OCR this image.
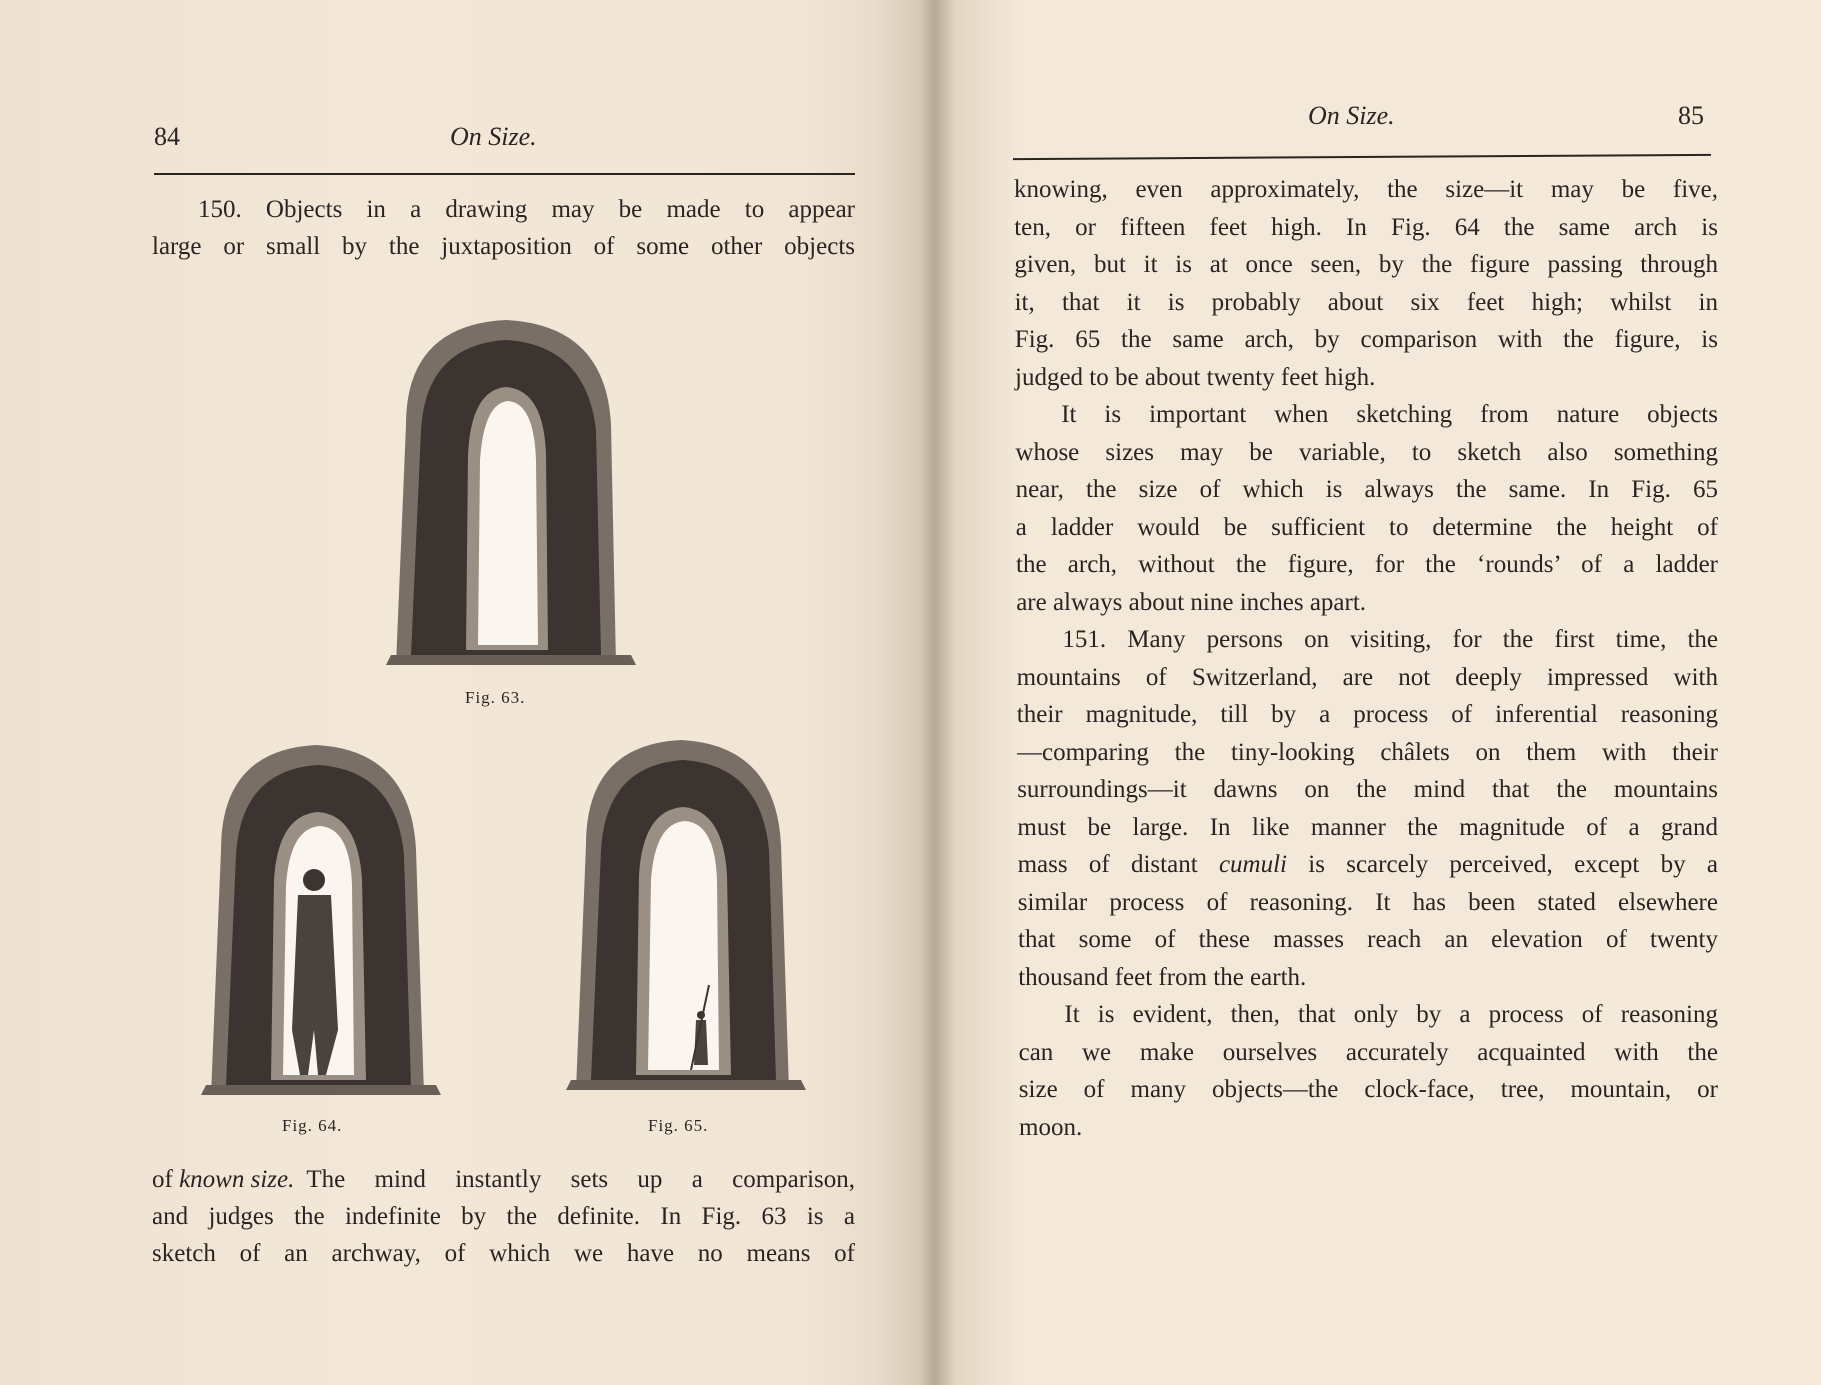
84	On Size.
150. Objects in a drawing may be made to appear
large or small by the juxtaposition of some other objects
Fig. 63.
Fig. 64.	Fig. 65.
of known size. The mind instantly sets up a comparison,
and judges the indefinite by the definite. In Fig. 63 is a
sketch of an archway, of which we have no means of
On Size.	85
knowing, even approximately, the size—it may be five,
ten, or fifteen feet high. In Fig. 64 the same arch is
given, but it is at once seen, by the figure passing through
it, that it is probably about six feet high; whilst in
Fig. 65 the same arch, by comparison with the figure, is
judged to be about twenty feet high.
It is important when sketching from nature objects
whose sizes may be variable, to sketch also something
near, the size of which is always the same. In Fig. 65
a ladder would be sufficient to determine the height of
the arch, without the figure, for the ‘rounds’ of a ladder
are always about nine inches apart.
151. Many persons on visiting, for the first time, the
mountains of Switzerland, are not deeply impressed with
their magnitude, till by a process of inferential reasoning
—comparing the tiny-looking châlets on them with their
surroundings—it dawns on the mind that the mountains
must be large. In like manner the magnitude of a grand
mass of distant cumuli is scarcely perceived, except by a
similar process of reasoning. It has been stated elsewhere
that some of these masses reach an elevation of twenty
thousand feet from the earth.
It is evident, then, that only by a process of reasoning
can we make ourselves accurately acquainted with the
size of many objects—the clock-face, tree, mountain, or
moon.
